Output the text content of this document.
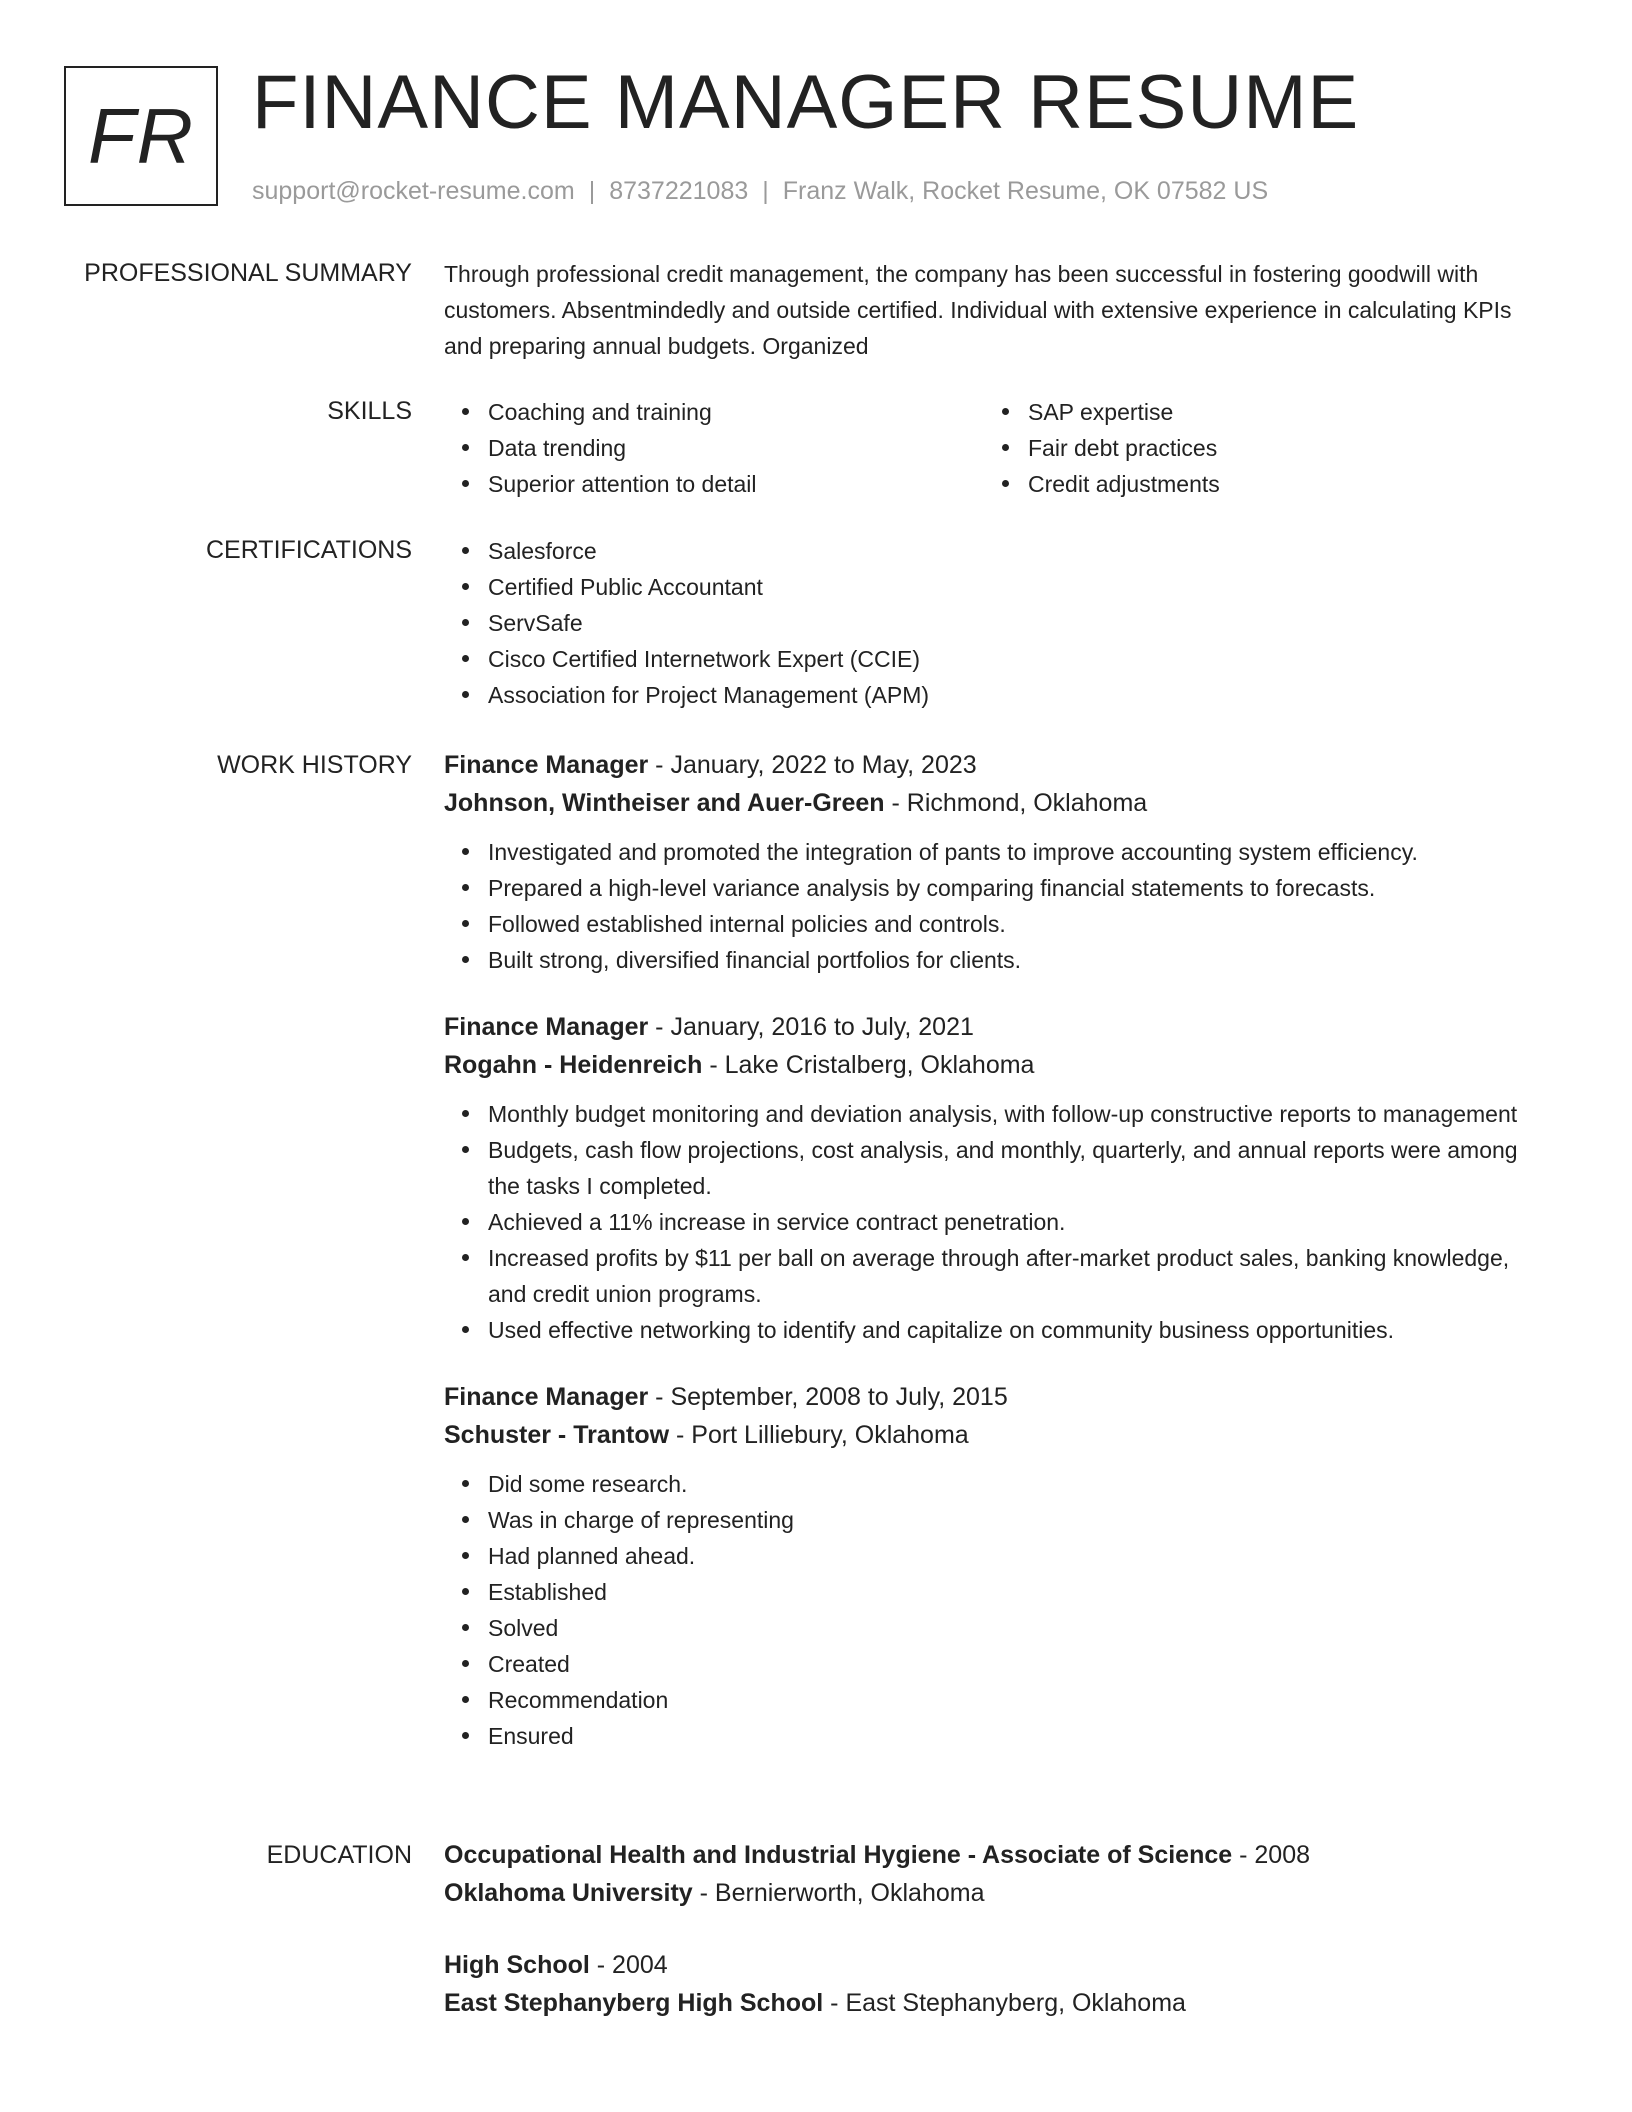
FR FINANCE MANAGER RESUME
support@rocket-resume.com | 8737221083 | Franz Walk, Rocket Resume, OK 07582 US
PROFESSIONAL SUMMARY Through professional credit management, the company has been successful in fostering goodwill with customers. Absentmindedly and outside certified. Individual with extensive experience in calculating KPIs and preparing annual budgets. Organized

SKILLS	Coaching and training
Data trending
Superior attention to detail
SAP expertise
Fair debt practices
Credit adjustments
CERTIFICATIONS	Salesforce
Certified Public Accountant
ServSafe
Cisco Certified Internetwork Expert (CCIE)
Association for Project Management (APM)
WORK HISTORY Finance Manager - January, 2022 to May, 2023
Johnson, Wintheiser and Auer-Green - Richmond, Oklahoma
Investigated and promoted the integration of pants to improve accounting system efficiency.
Prepared a high-level variance analysis by comparing financial statements to forecasts.
Followed established internal policies and controls.
Built strong, diversified financial portfolios for clients.
Finance Manager - January, 2016 to July, 2021
Rogahn - Heidenreich - Lake Cristalberg, Oklahoma
Monthly budget monitoring and deviation analysis, with follow-up constructive reports to management
Budgets, cash flow projections, cost analysis, and monthly, quarterly, and annual reports were among the tasks I completed.
Achieved a 11% increase in service contract penetration.
Increased profits by $11 per ball on average through after-market product sales, banking knowledge, and credit union programs.
Used effective networking to identify and capitalize on community business opportunities.
Finance Manager - September, 2008 to July, 2015
Schuster - Trantow - Port Lilliebury, Oklahoma
Did some research.
Was in charge of representing
Had planned ahead.
Established
Solved
Created
Recommendation
Ensured
EDUCATION Occupational Health and Industrial Hygiene - Associate of Science - 2008
Oklahoma University - Bernierworth, Oklahoma
High School - 2004
East Stephanyberg High School - East Stephanyberg, Oklahoma
